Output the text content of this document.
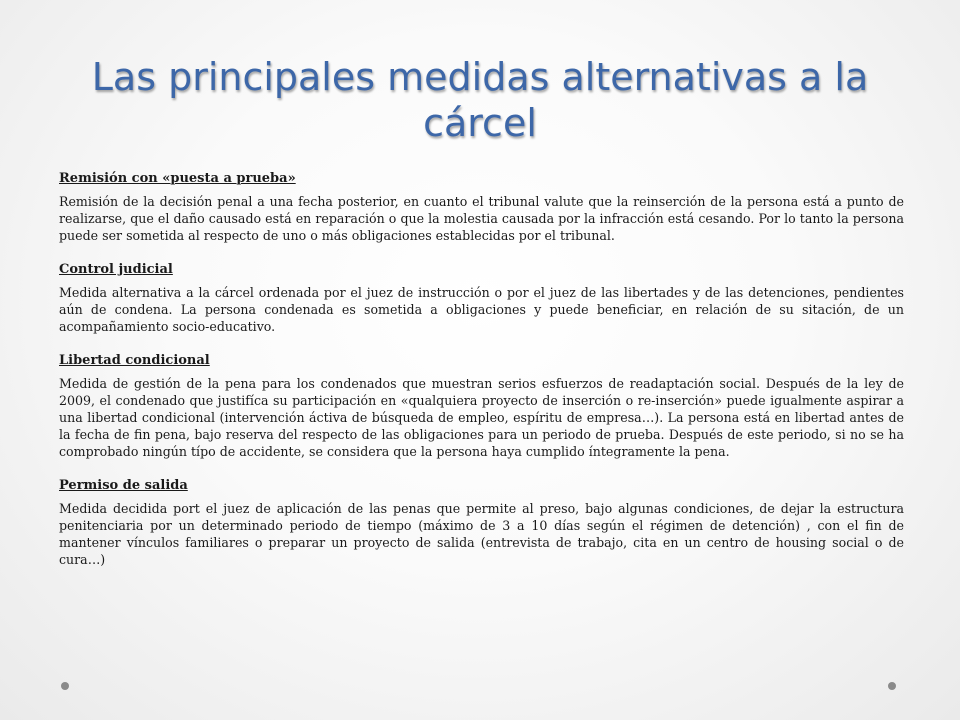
Las principales medidas alternativas a la cárcel

Remisión con «puesta a prueba»

Remisión de la decisión penal a una fecha posterior, en cuanto el tribunal valute que la reinserción de la persona está a punto de realizarse, que el daño causado está en reparación o que la molestia causada por la infracción está cesando. Por lo tanto la persona puede ser sometida al respecto de uno o más obligaciones establecidas por el tribunal.

Control judicial

Medida alternativa a la cárcel ordenada por el juez de instrucción o por el juez de las libertades y de las detenciones, pendientes aún de condena. La persona condenada es sometida a obligaciones y puede beneficiar, en relación de su sitación, de un acompañamiento socio-educativo.

Libertad condicional

Medida de gestión de la pena para los condenados que muestran serios esfuerzos de readaptación social. Después de la ley de 2009, el condenado que justifíca su participación en «qualquiera proyecto de inserción o re-inserción» puede igualmente aspirar a una libertad condicional (intervención áctiva de búsqueda de empleo, espíritu de empresa…). La persona está en libertad antes de la fecha de fin pena, bajo reserva del respecto de las obligaciones para un periodo de prueba. Después de este periodo, si no se ha comprobado ningún típo de accidente, se considera que la persona haya cumplido íntegramente la pena.

Permiso de salida

Medida decidida port el juez de aplicación de las penas que permite al preso, bajo algunas condiciones, de dejar la estructura penitenciaria por un determinado periodo de tiempo (máximo de 3 a 10 días según el régimen de detención) , con el fin de mantener vínculos familiares o preparar un proyecto de salida (entrevista de trabajo, cita en un centro de housing social o de cura…)
